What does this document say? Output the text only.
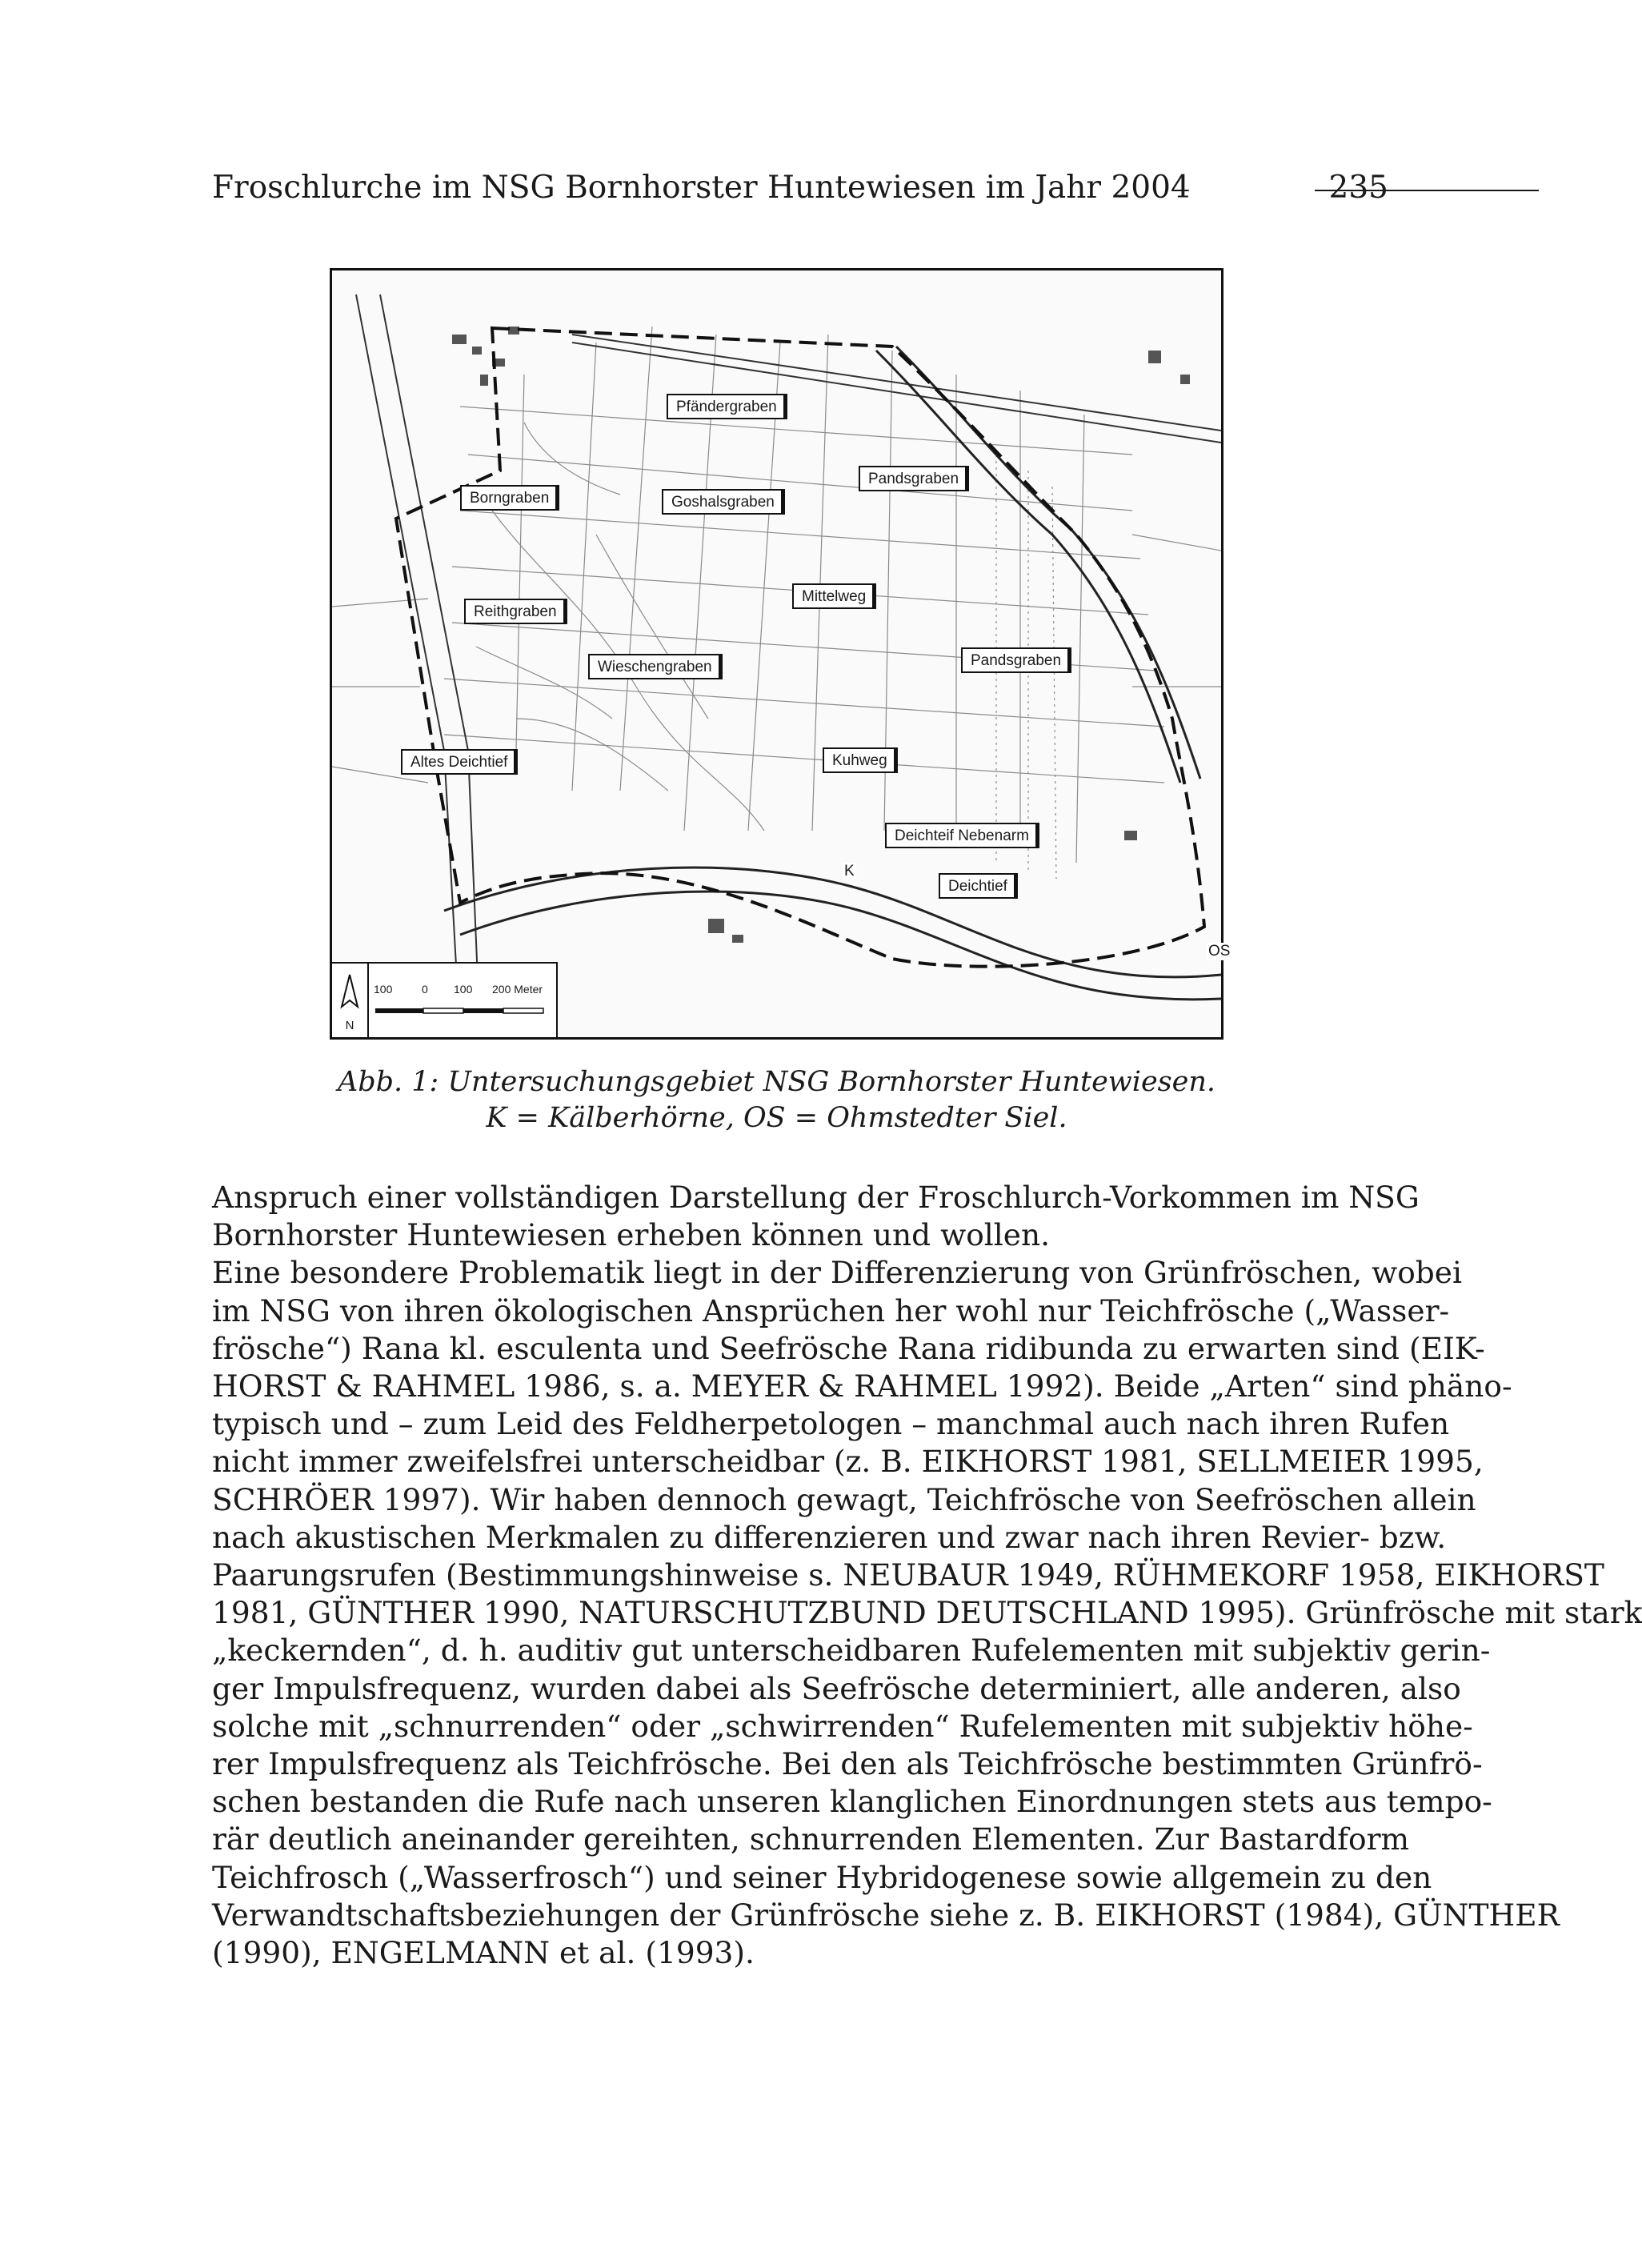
Froschlurche im NSG Bornhorster Huntewiesen im Jahr 2004	235
Pfändergraben
Borngraben	Goshalsgraben
Pandsgraben
Reithgraben
Mittelweg
Wieschengraben	Pandsgraben
Altes Deichtief	Kuhweg
Deichteif Nebenarm
Deichtief
K
OS
N
100	0 100 200 Meter
Abb. 1: Untersuchungsgebiet NSG Bornhorster Huntewiesen.
K = Kälberhörne, OS = Ohmstedter Siel.
Anspruch einer vollständigen Darstellung der Froschlurch-Vorkommen im NSG
Bornhorster Huntewiesen erheben können und wollen.
Eine besondere Problematik liegt in der Differenzierung von Grünfröschen, wobei
im NSG von ihren ökologischen Ansprüchen her wohl nur Teichfrösche („Wasser-
frösche“) Rana kl. esculenta und Seefrösche Rana ridibunda zu erwarten sind (EIK-
HORST & RAHMEL 1986, s. a. MEYER & RAHMEL 1992). Beide „Arten“ sind phäno-
typisch und – zum Leid des Feldherpetologen – manchmal auch nach ihren Rufen
nicht immer zweifelsfrei unterscheidbar (z. B. EIKHORST 1981, SELLMEIER 1995,
SCHRÖER 1997). Wir haben dennoch gewagt, Teichfrösche von Seefröschen allein
nach akustischen Merkmalen zu differenzieren und zwar nach ihren Revier- bzw.
Paarungsrufen (Bestimmungshinweise s. NEUBAUR 1949, RÜHMEKORF 1958, EIKHORST
1981, GÜNTHER 1990, NATURSCHUTZBUND DEUTSCHLAND 1995). Grünfrösche mit stark
„keckernden“, d. h. auditiv gut unterscheidbaren Rufelementen mit subjektiv gerin-
ger Impulsfrequenz, wurden dabei als Seefrösche determiniert, alle anderen, also
solche mit „schnurrenden“ oder „schwirrenden“ Rufelementen mit subjektiv höhe-
rer Impulsfrequenz als Teichfrösche. Bei den als Teichfrösche bestimmten Grünfrö-
schen bestanden die Rufe nach unseren klanglichen Einordnungen stets aus tempo-
rär deutlich aneinander gereihten, schnurrenden Elementen. Zur Bastardform
Teichfrosch („Wasserfrosch“) und seiner Hybridogenese sowie allgemein zu den
Verwandtschaftsbeziehungen der Grünfrösche siehe z. B. EIKHORST (1984), GÜNTHER
(1990), ENGELMANN et al. (1993).
